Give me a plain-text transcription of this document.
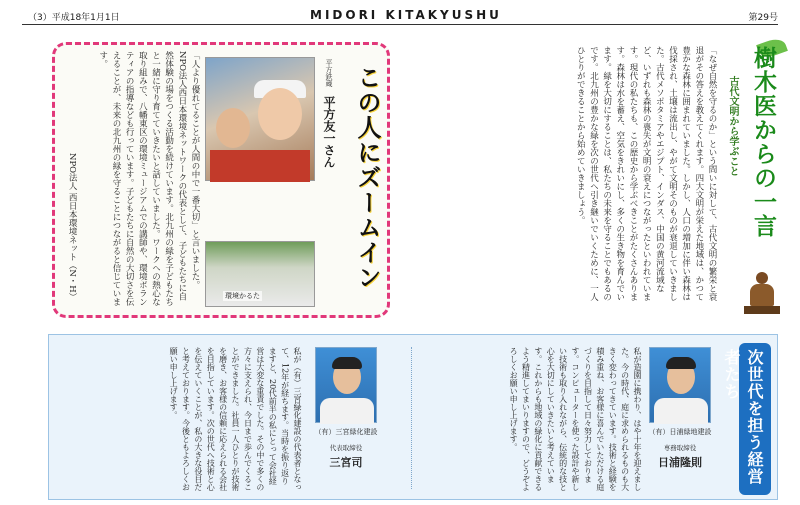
（3）平成18年1月1日	MIDORI KITAKYUSHU	第29号
「人より優れてることが人間の中で一番大切」と言いました。NPO法人西日本環境ネットワークの代表として、子どもたちに自然体験の場をつくる活動を続けています。北九州の緑を子どもたちと一緒に守り育てていきたいと話していました。ワークへの熱心な取り組みで、八幡東区の環境ミュージアムでの講師や、環境ボランティアの指導なども行っています。子どもたちに自然の大切さを伝えることが、未来の北九州の緑を守ることにつながると信じています。
NPO法人 西日本環境ネット（N・H）	環境かるた
平方鉄蔵 平方友一さん この人にズームイン	「なぜ自然を守るのか」という問いに対して、古代文明の繁栄と衰退がその答えを教えてくれます。四大文明が栄えた地域は、かつて豊かな森林に囲まれていました。しかし、人口の増加に伴い森林は伐採され、土壌は流出し、やがて文明そのものが衰退していきました。古代メソポタミアやエジプト、インダス、中国の黄河流域など、いずれも森林の喪失が文明の衰えにつながったといわれています。現代の私たちも、この歴史から学ぶべきことがたくさんあります。森林は水を蓄え、空気をきれいにし、多くの生き物を育んでいます。緑を大切にすることは、私たちの未来を守ることでもあるのです。北九州の豊かな緑を次の世代へ引き継いでいくために、一人ひとりができることから始めていきましょう。	古代文明から学ぶこと 樹木医からの一言
次世代を担う経営者たち
（有）日浦緑地建設
専務取締役
日浦隆則
私が造園に携わり、はや十年を迎えました。今の時代、庭に求められるものも大きく変わってきています。技術と経験を積み重ね、お客様に喜んでいただける庭づくりを目指して日々努力しております。コンピューターを使った設計や新しい技術も取り入れながら、伝統的な技と心を大切にしていきたいと考えています。これからも地域の緑化に貢献できるよう精進してまいりますので、どうぞよろしくお願い申し上げます。
（有）三宮緑化建設
代表取締役
三宮司
私が（有）三宮緑化建設の代表者となって、12年が経ちます。当時を振り返りますと、20代前半の私にとって会社経営は大変な重責でした。その中で多くの方々に支えられ、今日まで歩んでくることができました。社員一人ひとりが技術を磨き、お客様の信頼に応えられる会社を目指しています。次の世代へ技術と心を伝えていくことが、私の大きな役目だと考えております。今後ともよろしくお願い申し上げます。
